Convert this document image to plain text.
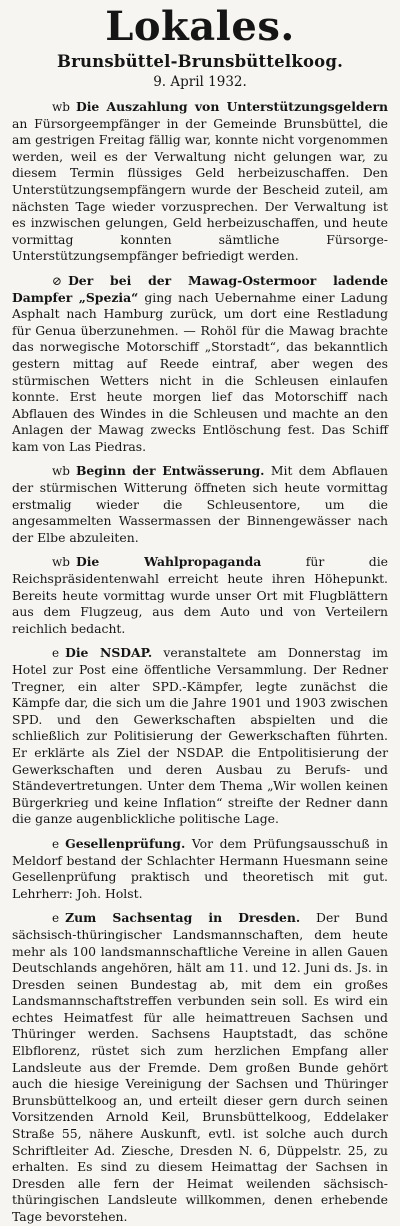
Lokales.
Brunsbüttel-Brunsbüttelkoog.
9. April 1932.

wb Die Auszahlung von Unterstützungsgeldern an Fürsorgeempfänger in der Gemeinde Brunsbüttel, die am gestrigen Freitag fällig war, konnte nicht vorgenommen werden, weil es der Verwaltung nicht gelungen war, zu diesem Termin flüssiges Geld herbeizuschaffen. Den Unterstützungsempfängern wurde der Bescheid zuteil, am nächsten Tage wieder vorzusprechen. Der Verwaltung ist es inzwischen gelungen, Geld herbeizuschaffen, und heute vormittag konnten sämtliche Fürsorge-Unterstützungsempfänger befriedigt werden.

⊘ Der bei der Mawag-Ostermoor ladende Dampfer „Spezia“ ging nach Uebernahme einer Ladung Asphalt nach Hamburg zurück, um dort eine Restladung für Genua überzunehmen. — Rohöl für die Mawag brachte das norwegische Motorschiff „Storstadt“, das bekanntlich gestern mittag auf Reede eintraf, aber wegen des stürmischen Wetters nicht in die Schleusen einlaufen konnte. Erst heute morgen lief das Motorschiff nach Abflauen des Windes in die Schleusen und machte an den Anlagen der Mawag zwecks Entlöschung fest. Das Schiff kam von Las Piedras.

wb Beginn der Entwässerung. Mit dem Abflauen der stürmischen Witterung öffneten sich heute vormittag erstmalig wieder die Schleusentore, um die angesammelten Wassermassen der Binnengewässer nach der Elbe abzuleiten.

wb Die Wahlpropaganda	für die Reichspräsidentenwahl erreicht heute ihren Höhepunkt. Bereits heute vormittag wurde unser Ort mit Flugblättern aus dem Flugzeug, aus dem Auto und von Verteilern reichlich bedacht.

e Die NSDAP. veranstaltete am Donnerstag im Hotel zur Post eine öffentliche Versammlung. Der Redner Tregner, ein alter SPD.-Kämpfer, legte zunächst die Kämpfe dar, die sich um die Jahre 1901 und 1903 zwischen SPD. und den Gewerkschaften abspielten und die schließlich zur Politisierung der Gewerkschaften führten. Er erklärte als Ziel der NSDAP. die Entpolitisierung der Gewerkschaften und deren Ausbau zu Berufs- und Ständevertretungen. Unter dem Thema „Wir wollen keinen Bürgerkrieg und keine Inflation“ streifte der Redner dann die ganze augenblickliche politische Lage.

e Gesellenprüfung. Vor dem Prüfungsausschuß in Meldorf bestand der Schlachter Hermann Huesmann seine Gesellenprüfung praktisch und theoretisch mit gut. Lehrherr: Joh. Holst.

e Zum Sachsentag in Dresden. Der Bund sächsisch-thüringischer Landsmannschaften, dem heute mehr als 100 landsmannschaftliche Vereine in allen Gauen Deutschlands angehören, hält am 11. und 12. Juni ds. Js. in Dresden seinen Bundestag ab, mit dem ein großes Landsmannschaftstreffen verbunden sein soll. Es wird ein echtes Heimatfest für alle heimattreuen Sachsen und Thüringer werden. Sachsens Hauptstadt, das schöne Elbflorenz, rüstet sich zum herzlichen Empfang aller Landsleute aus der Fremde. Dem großen Bunde gehört auch die hiesige Vereinigung der Sachsen und Thüringer Brunsbüttelkoog an, und erteilt dieser gern durch seinen Vorsitzenden Arnold Keil, Brunsbüttelkoog, Eddelaker Straße 55, nähere Auskunft, evtl. ist solche auch durch Schriftleiter Ad. Ziesche, Dresden N. 6, Düppelstr. 25, zu erhalten. Es sind zu diesem Heimattag der Sachsen in Dresden alle fern der Heimat weilenden sächsisch-thüringischen Landsleute willkommen, denen erhebende Tage bevorstehen.
